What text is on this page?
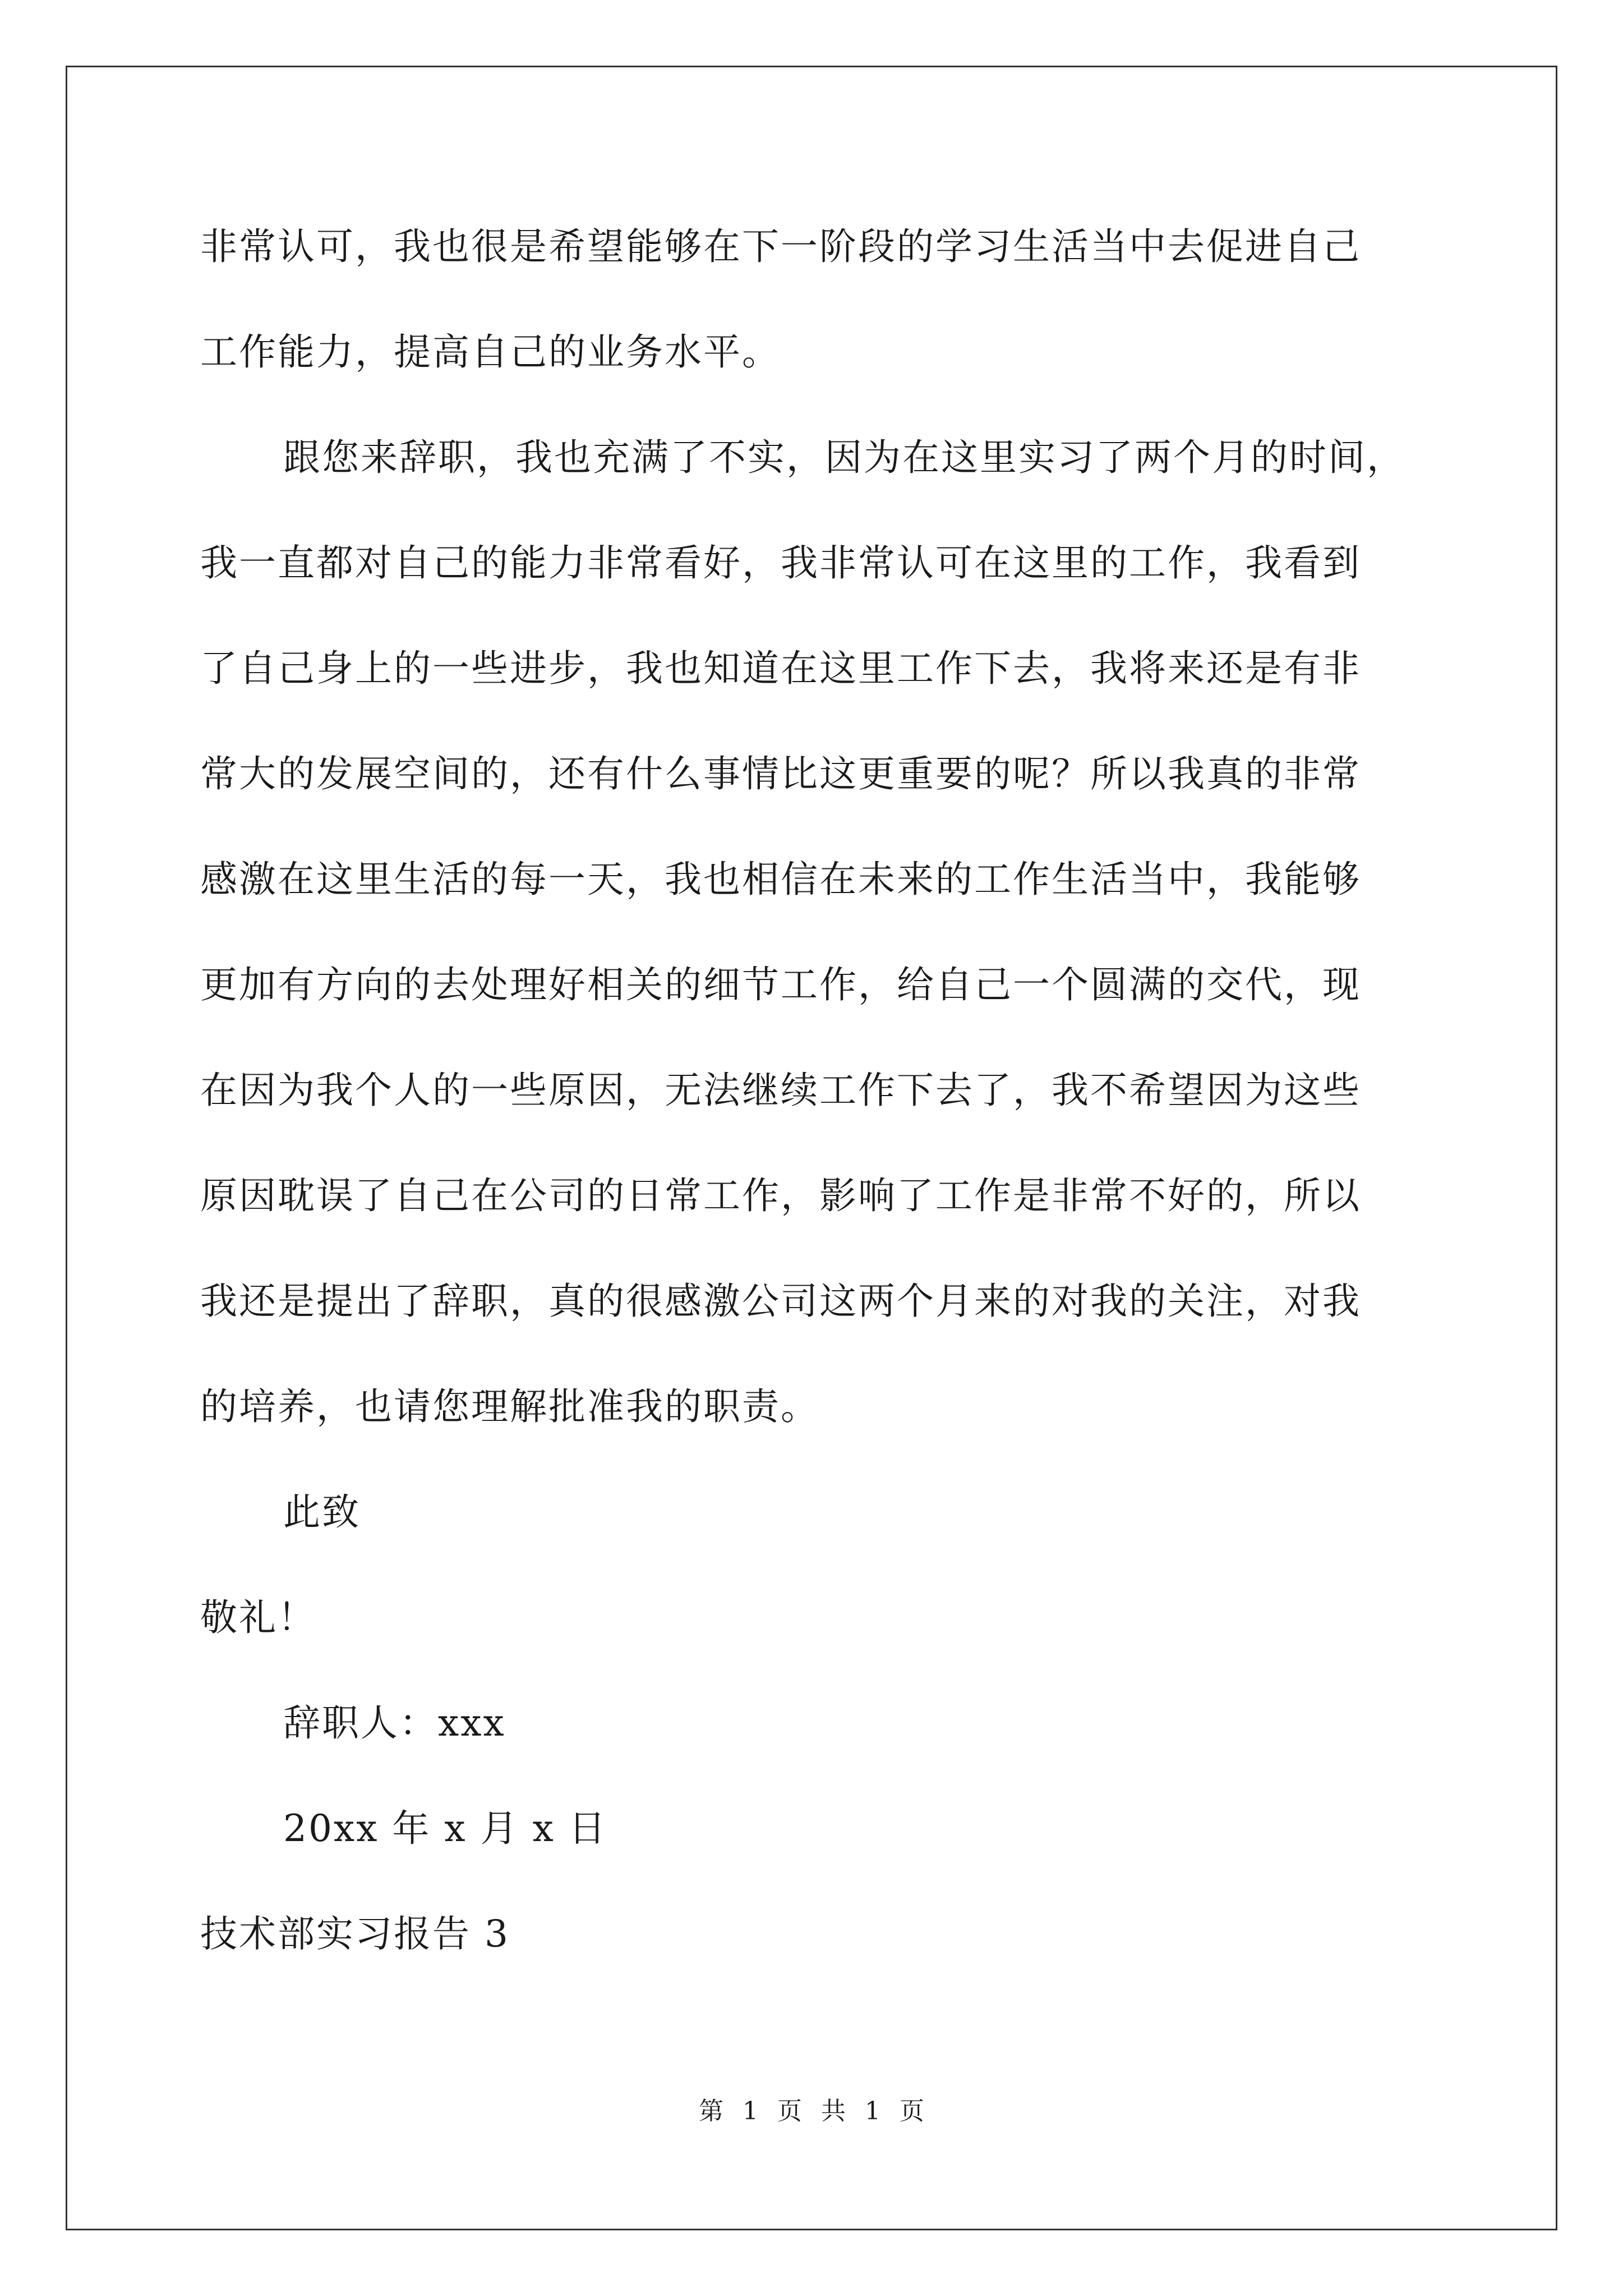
非常认可，我也很是希望能够在下一阶段的学习生活当中去促进自己
工作能力，提高自己的业务水平。
跟您来辞职，我也充满了不实，因为在这里实习了两个月的时间，
我一直都对自己的能力非常看好，我非常认可在这里的工作，我看到
了自己身上的一些进步，我也知道在这里工作下去，我将来还是有非
常大的发展空间的，还有什么事情比这更重要的呢？所以我真的非常
感激在这里生活的每一天，我也相信在未来的工作生活当中，我能够
更加有方向的去处理好相关的细节工作，给自己一个圆满的交代，现
在因为我个人的一些原因，无法继续工作下去了，我不希望因为这些
原因耽误了自己在公司的日常工作，影响了工作是非常不好的，所以
我还是提出了辞职，真的很感激公司这两个月来的对我的关注，对我
的培养，也请您理解批准我的职责。
此致
敬礼！
辞职人：xxx
20xx 年 x 月 x 日
技术部实习报告 3
第 1 页 共 1 页
